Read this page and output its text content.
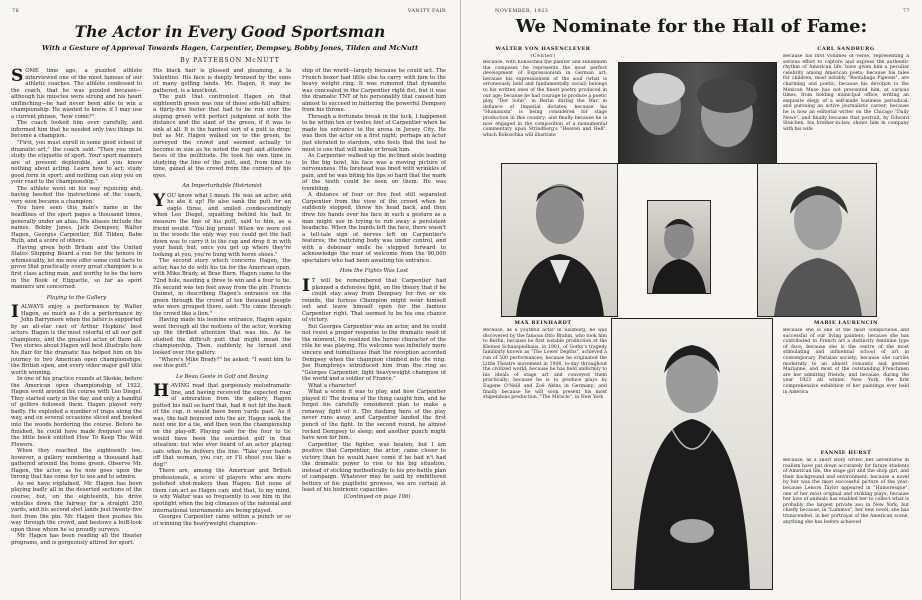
76	VANITY FAIR
The Actor in Every Good Sportsman
With a Gesture of Approval Towards Hagen, Carpentier, Dempsey, Bobby Jones, Tilden and McNutt
By PATTERSON McNUTT

SOME time ago, a puzzled athlete interviewed one of the most famous of our athletic coaches. The athlete confessed to the coach, that he was puzzled because—although his muscles were strong and his heart unflinching—he had never been able to win a championship. He wanted to know, if I may use a current phrase, "how come?"

The coach looked him over carefully, and informed him that he needed only two things to become a champion.

"First, you must enroll in some good school of dramatic art," the coach said. "Then you must study the etiquette of sport. Your sport manners are at present deplorable, and you know nothing about acting. Learn how to act; study good form in sport; and nothing can stop you on your road to the championship."

The athlete went on his way rejoicing and, having heeded the instructions of the coach, very soon became a champion.

You have seen this man's name in the headlines of the sport pages a thousand times, generally under an alias. His aliases include the names, Bobby Jones, Jack Dempsey, Walter Hagen, Georges Carpentier, Bill Tilden, Babe Ruth, and a score of others.

Having given both Britain and the United States Shipping Board a run for the honors in whimsicality, let me now offer some cold facts to prove that practically every great champion is a first class acting man, and worthy to be the hero in the Book of Etiquette, so far as sport manners are concerned.

Playing to the Gallery

IALWAYS enjoy a performance by Walter Hagen, as much as I do a performance by John Barrymore when the latter is supported by an all-star cast of Arthur Hopkins' best actors. Hagen is the most colorful of all our golf champions, and the greatest actor of them all. Two stories about Hagen will best illustrate how his flair for the dramatic has helped him on his journey to two American open championships, the British open, and every other major golf title worth winning.

In one of his practice rounds at Skokie, before the American open championship of 1922, Hagen went around the course with Leo Diegel. They started early in the day, and only a handful of golfers followed them. Hagen played very badly. He exploded a number of traps along the way, and on several occasions sliced and hooked into the woods bordering the course. Before he finished, he could have made frequent use of the little book entitled How To Keep The Wild Flowers.

When they reached the eighteenth tee, however, a gallery numbering a thousand had gathered around the home green. Observe Mr. Hagen, the actor, as he now goes upon the throng that has come for to see and to admire.

As we have explained, Mr. Hagen has been playing badly all in the deserted sections of the course; but, on the eighteenth, his drive whistles down the fairway for a straight 250 yards, and his second shot lands just twenty-five feet from the pin. Mr. Hagen then pushes his way through the crowd, and bestows a buff-look upon those whom he so proudly surveys.

Mr. Hagen has been reading all the theater programs, and is gorgeously attired for sport.

His black hair is glossed and gleaming, à la Valentino. His face is deeply bronzed by the suns of many golfing lands. Mr. Hagen, it may be gathered, is a knockout.

The putt that confronted Hagen on that eighteenth green was one of those side-hill affairs; a thirty-five footer that had to be run over the sloping green with perfect judgment of both the distance and the slant of the green, if it was to sink at all. It is the hardest sort of a putt to drop; but as Mr. Hagen walked on to the green, he surveyed the crowd and seemed actually to become in size as he noted the rapt and attentive faces of the multitude. He took his own time in studying the line of the putt, and, from time to time, gazed at the crowd from the corners of his eyes.

An Imperturbable Histrionist

YOU know what I mean. He was an actor, and he ate it up! He also sank the putt for an eagle three, and smiled condescendingly when Leo Diegel, squatting behind his ball to measure the line of his putt, said to him, as a friend would: "You big prune! When we were out in the woods the only way you could get the ball down was to carry it to the cup and drop it in with your hand; but, once you get up where they're looking at you, you're hung with horse shoes."

The second story which concerns Hagen, the actor, has to do with his tie for the American open, with Mike Brady, at Brae Burn. Hagen came to the 72nd hole, needing a three to win and a four to tie. He second was ten feet away from the pin. Francis Ouimet, in describing Hagen's entrance on the green through the crowd of ten thousand people who were grouped there, said: "He came through the crowd like a lion."

Having made his leonine entrance, Hagen again went through all the motions of the actor, working up the thrilled attention that was his. As he studied the difficult putt that might mean the championship. Then, suddenly, he turned and looked over the gallery.

"Where's Mike Brady?" he asked; "I want him to see this putt."

Le Beau Geste in Golf and Boxing

HAVING read that gorgeously melodramatic line, and having received the expected roar of admiration from the gallery, Hagen putted his ball so hard that, had it not hit the back of the cup, it would have been yards past. As it was, the ball bounced into the air, Hagen sank the next one for a tie, and then won the championship on the play-off. Playing safe for the four to tie would have been the soundest golf in that situation; but who ever heard of an actor playing safe when he delivers the line: "Take your hands off that woman, you cur, or I'll shoot you like a dog!"

There are, among the American and British professionals, a score of players who are more polished shot-makers than Hagen. But none of them can act as Hagen can; and that, to my mind, is why Walter was so frequently to see him in the spotlight when the big climaxes of the national and international tournaments are being played.

Georges Carpentier came within a punch or so of winning the heavyweight champion-

ship of the world—largely because he could act. The French boxer had little else to carry with him to the heavy weight ring. It was rumored that dynamite was concealed in the Carpentier right fist, but it was the dramatic TNT of his personality that caused him almost to succeed in battering the powerful Dempsey from his throne.

Through a fortunate break in the luck, I happened to be within ten or twelve feet of Carpentier when he made his entrance to the arena in Jersey City. He was then the actor on a first night; perhaps an actor just elevated to stardom, who feels that the test he must is one that will make or break him.

As Carpentier walked up the inclined aisle leading to the big bowl, his face was a moving picture of nervousness. His forehead was lined with wrinkles of pain, and he was biting his lips so hard that the mark of the teeth could be seen on them. He was trembling.

A distance of four or five feet still separated Carpentier from the view of the crowd when he suddenly stopped, threw his head back, and then drew his hands over his face in such a gesture as a man might use in trying to rub away a persistent headache. When the hands left the face, there wasn't a tell-tale sign of nerves left on Carpentier's features; the twitching body was under control, and with a debonair smile he stepped forward to acknowledge the roar of welcome from the 90,000 spectators who had been awaiting his entrance.

How the Fights Was Lost

I T will be remembered that Carpentier had planned a defensive fight, on the theory that if he could stay away from Dempsey for five or six rounds, the furious Champion might wear himself out and leave himself open for the famous Carpentier right. That seemed to be his one chance of victory.

But Georges Carpentier was an actor, and he could not resist a proper response to the dramatic need of the moment. He realized the heroic character of the rôle he was playing. His welcome was infinitely more sincere and tumultuous than the reception accorded Dempsey when the champion climbed into the ring. Joe Humphreys introduced him from the ring as "Georges Carpentier, light heavyweight champion of the world and a soldier of France."

What a character!

What a scene it was to play, and how Carpentier played it! The drama of the thing caught him, and he forgot his carefully considered plan to make a runaway fight of it. The dashing hero of the play never runs away, and Carpentier landed the first punch of the fight. In the second round, he almost rocked Dempsey to sleep; and another punch might have won for him.

Carpentier, the fighter, was beaten; but I am positive that Carpentier, the actor, came closer to victory than he would have come if he had n't had the dramatic power to rise to his big situation, instead of sticking methodically to his pre-battle plan of campaign. Whatever may be said by embittered bettors of his pugilistic prowess, we are certain at least of his histrionic capacities.

(Continued on page 106)

NOVEMBER, 1923	77
We Nominate for the Hall of Fame:
WALTER VON HASENCLEVER
(Center)
Because, with Kokoschka the painter and Hindemith the composer, he represents the most perfect development of Expressionism in German art; because his expressionism of the soul (what is erroneously held and fundamentally social) belongs to his written ones of the finest poetry produced in our age; because he had courage to produce a poetic play, "Der Sohn", in Berlin during the War, in defiance of Imperial dictates; because his "Humanism" is being considered for stage production in this country; and finally because he is now engaged in the composition of a monumental commentary upon Strindberg's "Heaven and Hell", which Kokoschka will illustrate
CARL SANDBURG
Because his first volumes of verse, representing a serious effort to capture and express the authentic rhythm of American life, have given him a peculiar celebrity among American poets; because his tales for children, most notably "Rootabaga Pigeons", are charming and poetic; because his devotion to the Mexican Muse has not prevented him, at various times, from holding municipal office, writing an exquisite elegy of a self-made business periodical, and pursuing an active journalistic career; because he is now an editorial writer on the Chicago "Daily News"; and finally because that portrait, by Edward Steichen, his brother-in-law, shows him in company with his wife
MAX REINHARDT
Because, as a youthful actor in Salzburg, he was discovered by the famous Otto Brahm, who took him to Berlin; because he first notable production at the Kleines Schauspielhaus, in 1901, of Gorky's tragedy familiarly known as "The Lower Depths", achieved a run of 500 performances; because he originated the Little Theatre movement in 1906, to-day throughout the civilized world; because he has held uniformly to his ideals of stage art and conveyed them practically; because he is to produce plays by Eugene O'Neill and Zoë Akins in Germany; and finally because he will soon present his most stupendous production, "The Miracle", in New York
MARIE LAURENCIN
Because she is one of the most conspicuous and successful of our living painters; because she has contributed to French art a distinctly feminine type of face; because she is the centre of the most stimulating and influential school of art in contemporary Parisian society; because she carries modernity to an almost romantic and genteel Marianne, and most of the outstanding Frenchmen are her admiring friends; and because, during the year 1923 all winter, New York, the first comprehensive exhibition of her paintings ever held in America
FANNIE HURST
Because, as a short story writer, her adventures in realism have put down accurately for future students of American life, the stage girl and the shop girl, and their background and environment; because a novel by her was the most successful picture of the year; because Lenore Taylor appeared in "Humoresque", one of her most original and striking plays; because her love of animals has enabled her to collect what is probably the largest private zoo in New York; but chiefly because, in "Lummox", her new novel, she has transcended, in her portrayal of the American scene, anything she has before achieved
